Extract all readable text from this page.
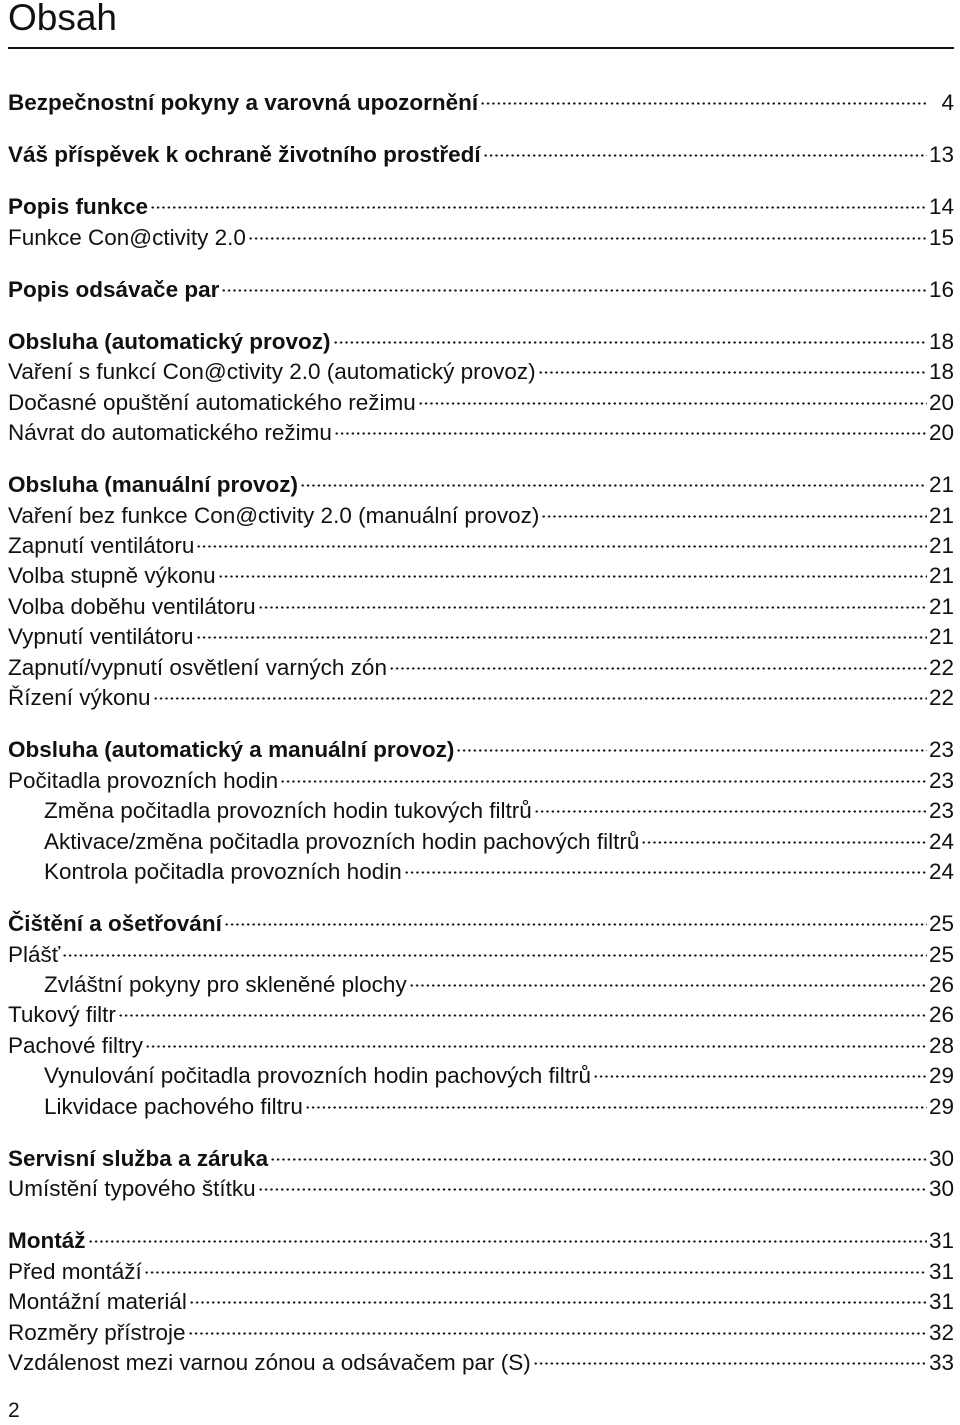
Obsah
Bezpečnostní pokyny a varovná upozornění	4
Váš příspěvek k ochraně životního prostředí	13
Popis funkce	14
Funkce Con@ctivity 2.0	15
Popis odsávače par	16
Obsluha (automatický provoz)	18
Vaření s funkcí Con@ctivity 2.0 (automatický provoz)	18
Dočasné opuštění automatického režimu	20
Návrat do automatického režimu	20
Obsluha (manuální provoz)	21
Vaření bez funkce Con@ctivity 2.0 (manuální provoz)	21
Zapnutí ventilátoru	21
Volba stupně výkonu	21
Volba doběhu ventilátoru	21
Vypnutí ventilátoru	21
Zapnutí/vypnutí osvětlení varných zón	22
Řízení výkonu	22
Obsluha (automatický a manuální provoz)	23
Počitadla provozních hodin	23
Změna počitadla provozních hodin tukových filtrů	23
Aktivace/změna počitadla provozních hodin pachových filtrů	24
Kontrola počitadla provozních hodin	24
Čištění a ošetřování	25
Plášť	25
Zvláštní pokyny pro skleněné plochy	26
Tukový filtr	26
Pachové filtry	28
Vynulování počitadla provozních hodin pachových filtrů	29
Likvidace pachového filtru	29
Servisní služba a záruka	30
Umístění typového štítku	30
Montáž	31
Před montáží	31
Montážní materiál	31
Rozměry přístroje	32
Vzdálenost mezi varnou zónou a odsávačem par (S)	33
2
